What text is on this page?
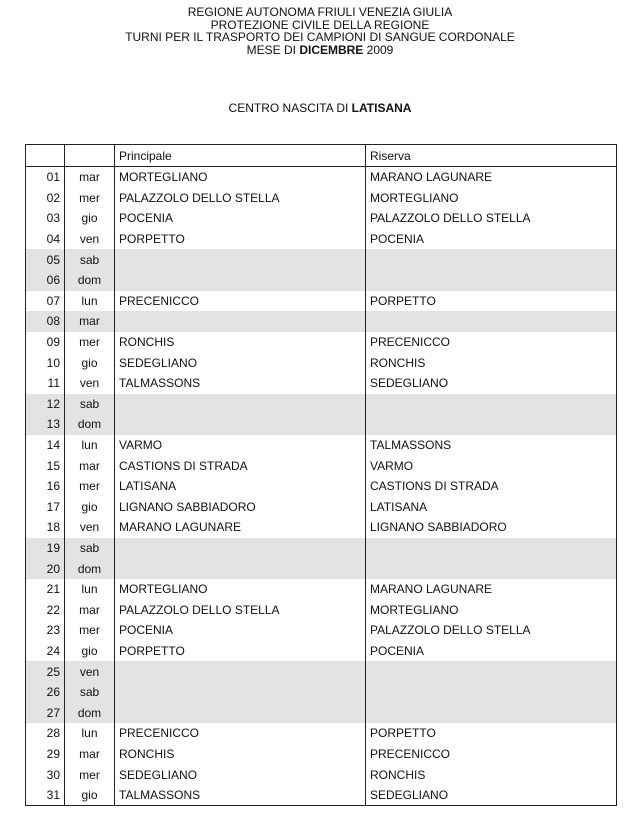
REGIONE AUTONOMA FRIULI VENEZIA GIULIA
PROTEZIONE CIVILE DELLA REGIONE
TURNI PER IL TRASPORTO DEI CAMPIONI DI SANGUE CORDONALE
MESE DI DICEMBRE 2009
CENTRO NASCITA DI LATISANA
		Principale	Riserva
01	mar	MORTEGLIANO	MARANO LAGUNARE
02	mer	PALAZZOLO DELLO STELLA	MORTEGLIANO
03	gio	POCENIA	PALAZZOLO DELLO STELLA
04	ven	PORPETTO	POCENIA
05	sab		
06	dom		
07	lun	PRECENICCO	PORPETTO
08	mar		
09	mer	RONCHIS	PRECENICCO
10	gio	SEDEGLIANO	RONCHIS
11	ven	TALMASSONS	SEDEGLIANO
12	sab		
13	dom		
14	lun	VARMO	TALMASSONS
15	mar	CASTIONS DI STRADA	VARMO
16	mer	LATISANA	CASTIONS DI STRADA
17	gio	LIGNANO SABBIADORO	LATISANA
18	ven	MARANO LAGUNARE	LIGNANO SABBIADORO
19	sab		
20	dom		
21	lun	MORTEGLIANO	MARANO LAGUNARE
22	mar	PALAZZOLO DELLO STELLA	MORTEGLIANO
23	mer	POCENIA	PALAZZOLO DELLO STELLA
24	gio	PORPETTO	POCENIA
25	ven		
26	sab		
27	dom		
28	lun	PRECENICCO	PORPETTO
29	mar	RONCHIS	PRECENICCO
30	mer	SEDEGLIANO	RONCHIS
31	gio	TALMASSONS	SEDEGLIANO
